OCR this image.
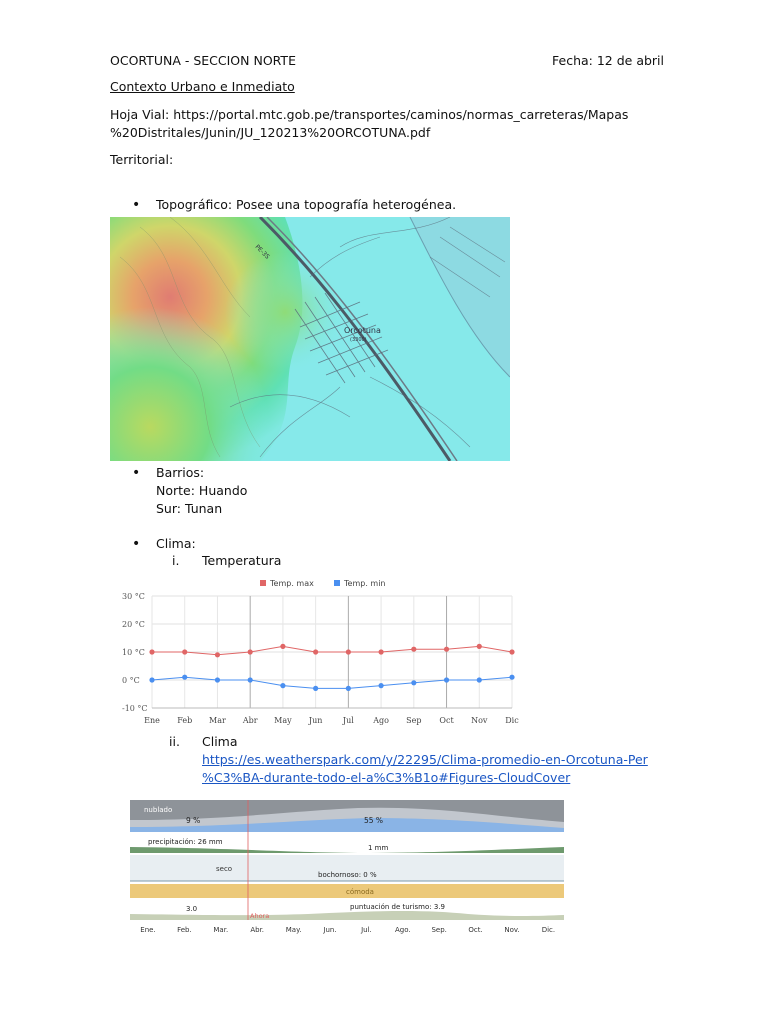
OCORTUNA - SECCION NORTE	Fecha: 12 de abril
Contexto Urbano e Inmediato
Hoja Vial: https://portal.mtc.gob.pe/transportes/caminos/normas_carreteras/Mapas
%20Distritales/Junin/JU_120213%20ORCOTUNA.pdf
Territorial:
• Topográfico: Posee una topografía heterogénea.
Orcotuna
(3300)
PE-3S
• Barrios:
Norte: Huando
Sur: Tunan
• Clima:
i. Temperatura
30 °C
20 °C
10 °C
0 °C
-10 °C
Ene Feb Mar Abr May Jun	Jul Ago Sep Oct Nov Dic
Temp. max	Temp. min
ii. Clima
https://es.weatherspark.com/y/22295/Clima-promedio-en-Orcotuna-Per
%C3%BA-durante-todo-el-a%C3%B1o#Figures-CloudCover
nublado
9 %	55 %
precipitación: 26 mm
1 mm
seco
bochornoso: 0 %
cómoda
3.0	puntuación de turismo: 3.9
Ahora
Ene.	Feb.	Mar.	Abr.	May.	Jun.	Jul.	Ago.	Sep.	Oct.	Nov.	Dic.
